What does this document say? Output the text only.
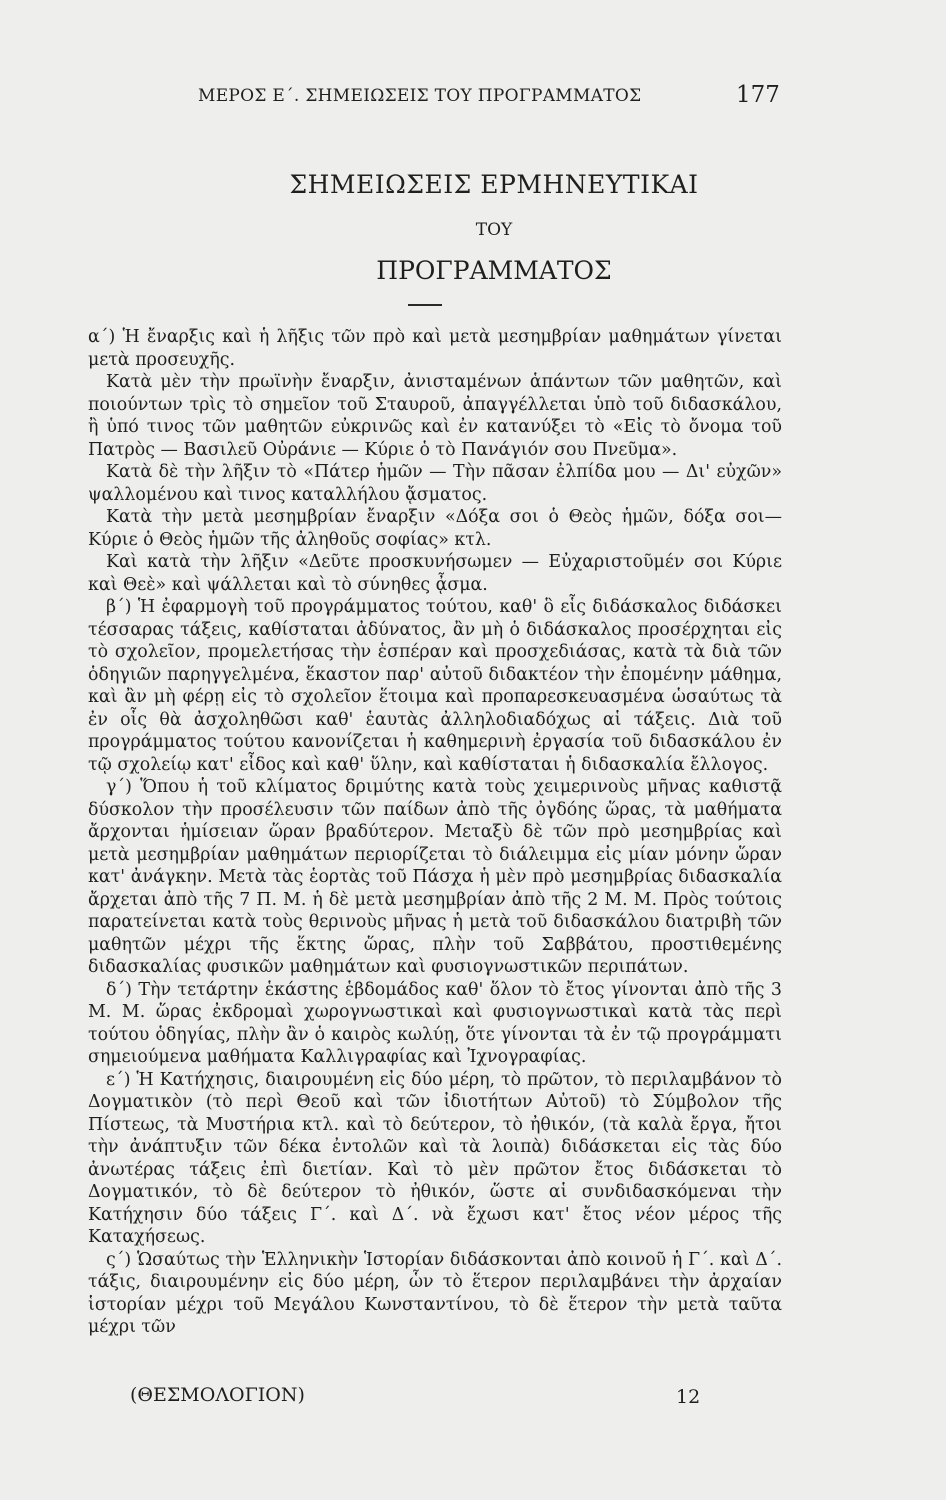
ΜΕΡΟΣ Ε΄. ΣΗΜΕΙΩΣΕΙΣ ΤΟΥ ΠΡΟΓΡΑΜΜΑΤΟΣ	177
ΣΗΜΕΙΩΣΕΙΣ ΕΡΜΗΝΕΥΤΙΚΑΙ
ΤΟΥ
ΠΡΟΓΡΑΜΜΑΤΟΣ

α΄) Ἡ ἔναρξις καὶ ἡ λῆξις τῶν πρὸ καὶ μετὰ μεσημβρίαν μαθημάτων γίνεται μετὰ προσευχῆς.

Κατὰ μὲν τὴν πρωϊνὴν ἔναρξιν, ἀνισταμένων ἁπάντων τῶν μαθητῶν, καὶ ποιούντων τρὶς τὸ σημεῖον τοῦ Σταυροῦ, ἀπαγγέλλεται ὑπὸ τοῦ διδασκάλου, ἢ ὑπό τινος τῶν μαθητῶν εὐκρινῶς καὶ ἐν κατανύξει τὸ «Εἰς τὸ ὄνομα τοῦ Πατρὸς — Βασιλεῦ Οὐράνιε — Κύριε ὁ τὸ Πανάγιόν σου Πνεῦμα».

Κατὰ δὲ τὴν λῆξιν τὸ «Πάτερ ἡμῶν — Τὴν πᾶσαν ἐλπίδα μου — Δι' εὐχῶν» ψαλλομένου καὶ τινος καταλλήλου ᾄσματος.

Κατὰ τὴν μετὰ μεσημβρίαν ἔναρξιν «Δόξα σοι ὁ Θεὸς ἡμῶν, δόξα σοι—Κύριε ὁ Θεὸς ἡμῶν τῆς ἀληθοῦς σοφίας» κτλ.

Καὶ κατὰ τὴν λῆξιν «Δεῦτε προσκυνήσωμεν — Εὐχαριστοῦμέν σοι Κύριε καὶ Θεὲ» καὶ ψάλλεται καὶ τὸ σύνηθες ᾆσμα.

β΄) Ἡ ἐφαρμογὴ τοῦ προγράμματος τούτου, καθ' ὃ εἷς διδάσκαλος διδάσκει τέσσαρας τάξεις, καθίσταται ἀδύνατος, ἂν μὴ ὁ διδάσκαλος προσέρχηται εἰς τὸ σχολεῖον, προμελετήσας τὴν ἑσπέραν καὶ προσχεδιάσας, κατὰ τὰ διὰ τῶν ὁδηγιῶν παρηγγελμένα, ἕκαστον παρ' αὐτοῦ διδακτέον τὴν ἐπομένην μάθημα, καὶ ἂν μὴ φέρῃ εἰς τὸ σχολεῖον ἕτοιμα καὶ προπαρεσκευασμένα ὡσαύτως τὰ ἐν οἷς θὰ ἀσχοληθῶσι καθ' ἑαυτὰς ἀλληλοδιαδόχως αἱ τάξεις. Διὰ τοῦ προγράμματος τούτου κανονίζεται ἡ καθημερινὴ ἐργασία τοῦ διδασκάλου ἐν τῷ σχολείῳ κατ' εἶδος καὶ καθ' ὕλην, καὶ καθίσταται ἡ διδασκαλία ἔλλογος.

γ΄) Ὅπου ἡ τοῦ κλίματος δριμύτης κατὰ τοὺς χειμερινοὺς μῆνας καθιστᾷ δύσκολον τὴν προσέλευσιν τῶν παίδων ἀπὸ τῆς ὀγδόης ὥρας, τὰ μαθήματα ἄρχονται ἡμίσειαν ὥραν βραδύτερον. Μεταξὺ δὲ τῶν πρὸ μεσημβρίας καὶ μετὰ μεσημβρίαν μαθημάτων περιορίζεται τὸ διάλειμμα εἰς μίαν μόνην ὥραν κατ' ἀνάγκην. Μετὰ τὰς ἑορτὰς τοῦ Πάσχα ἡ μὲν πρὸ μεσημβρίας διδασκαλία ἄρχεται ἀπὸ τῆς 7 Π. Μ. ἡ δὲ μετὰ μεσημβρίαν ἀπὸ τῆς 2 Μ. Μ. Πρὸς τούτοις παρατείνεται κατὰ τοὺς θερινοὺς μῆνας ἡ μετὰ τοῦ διδασκάλου διατριβὴ τῶν μαθητῶν μέχρι τῆς ἕκτης ὥρας, πλὴν τοῦ Σαββάτου, προστιθεμένης διδασκαλίας φυσικῶν μαθημάτων καὶ φυσιογνωστικῶν περιπάτων.

δ΄) Τὴν τετάρτην ἑκάστης ἑβδομάδος καθ' ὅλον τὸ ἔτος γίνονται ἀπὸ τῆς 3 Μ. Μ. ὥρας ἐκδρομαὶ χωρογνωστικαὶ καὶ φυσιογνωστικαὶ κατὰ τὰς περὶ τούτου ὁδηγίας, πλὴν ἂν ὁ καιρὸς κωλύῃ, ὅτε γίνονται τὰ ἐν τῷ προγράμματι σημειούμενα μαθήματα Καλλιγραφίας καὶ Ἰχνογραφίας.

ε΄) Ἡ Κατήχησις, διαιρουμένη εἰς δύο μέρη, τὸ πρῶτον, τὸ περιλαμβάνον τὸ Δογματικὸν (τὸ περὶ Θεοῦ καὶ τῶν ἰδιοτήτων Αὐτοῦ) τὸ Σύμβολον τῆς Πίστεως, τὰ Μυστήρια κτλ. καὶ τὸ δεύτερον, τὸ ἠθικόν, (τὰ καλὰ ἔργα, ἤτοι τὴν ἀνάπτυξιν τῶν δέκα ἐντολῶν καὶ τὰ λοιπὰ) διδάσκεται εἰς τὰς δύο ἀνωτέρας τάξεις ἐπὶ διετίαν. Καὶ τὸ μὲν πρῶτον ἔτος διδάσκεται τὸ Δογματικόν, τὸ δὲ δεύτερον τὸ ἠθικόν, ὥστε αἱ συνδιδασκόμεναι τὴν Κατήχησιν δύο τάξεις Γ΄. καὶ Δ΄. νὰ ἔχωσι κατ' ἔτος νέον μέρος τῆς Καταχήσεως.

ς΄) Ὡσαύτως τὴν Ἑλληνικὴν Ἱστορίαν διδάσκονται ἀπὸ κοινοῦ ἡ Γ΄. καὶ Δ΄. τάξις, διαιρουμένην εἰς δύο μέρη, ὧν τὸ ἕτερον περιλαμβάνει τὴν ἀρχαίαν ἱστορίαν μέχρι τοῦ Μεγάλου Κωνσταντίνου, τὸ δὲ ἕτερον τὴν μετὰ ταῦτα μέχρι τῶν

(ΘΕΣΜΟΛΟΓΙΟΝ)	12
